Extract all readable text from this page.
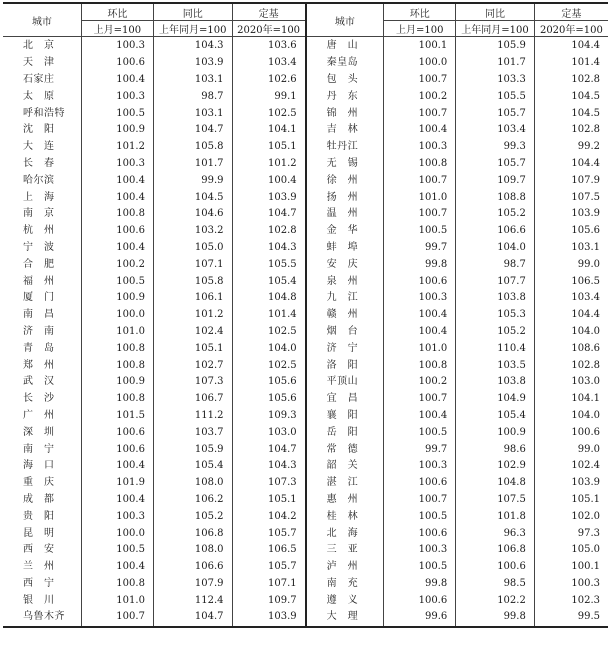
城市	环比	同比	定基	城市	环比	同比	定基
	上月=100	上年同月=100	2020年=100		上月=100	上年同月=100	2020年=100
北　京	100.3	104.3	103.6	唐　山	100.1	105.9	104.4
天　津	100.6	103.9	103.4	秦皇岛	100.0	101.7	101.4
石家庄	100.4	103.1	102.6	包　头	100.7	103.3	102.8
太　原	100.3	98.7	99.1	丹　东	100.2	105.5	104.5
呼和浩特	100.5	103.1	102.5	锦　州	100.7	105.7	104.5
沈　阳	100.9	104.7	104.1	吉　林	100.4	103.4	102.8
大　连	101.2	105.8	105.1	牡丹江	100.3	99.3	99.2
长　春	100.3	101.7	101.2	无　锡	100.8	105.7	104.4
哈尔滨	100.4	99.9	100.4	徐　州	100.7	109.7	107.9
上　海	100.4	104.5	103.9	扬　州	101.0	108.8	107.5
南　京	100.8	104.6	104.7	温　州	100.7	105.2	103.9
杭　州	100.6	103.2	102.8	金　华	100.5	106.6	105.6
宁　波	100.4	105.0	104.3	蚌　埠	99.7	104.0	103.1
合　肥	100.2	107.1	105.5	安　庆	99.8	98.7	99.0
福　州	100.5	105.8	105.4	泉　州	100.6	107.7	106.5
厦　门	100.9	106.1	104.8	九　江	100.3	103.8	103.4
南　昌	100.0	101.2	101.4	赣　州	100.4	105.3	104.4
济　南	101.0	102.4	102.5	烟　台	100.4	105.2	104.0
青　岛	100.8	105.1	104.0	济　宁	101.0	110.4	108.6
郑　州	100.8	102.7	102.5	洛　阳	100.8	103.5	102.8
武　汉	100.9	107.3	105.6	平顶山	100.2	103.8	103.0
长　沙	100.8	106.7	105.6	宜　昌	100.7	104.9	104.1
广　州	101.5	111.2	109.3	襄　阳	100.4	105.4	104.0
深　圳	100.6	103.7	103.0	岳　阳	100.5	100.9	100.6
南　宁	100.6	105.9	104.7	常　德	99.7	98.6	99.0
海　口	100.4	105.4	104.3	韶　关	100.3	102.9	102.4
重　庆	101.9	108.0	107.3	湛　江	100.6	104.8	103.9
成　都	100.4	106.2	105.1	惠　州	100.7	107.5	105.1
贵　阳	100.3	105.2	104.2	桂　林	100.5	101.8	102.0
昆　明	100.0	106.8	105.7	北　海	100.6	96.3	97.3
西　安	100.5	108.0	106.5	三　亚	100.3	106.8	105.0
兰　州	100.4	106.6	105.7	泸　州	100.5	100.6	100.1
西　宁	100.8	107.9	107.1	南　充	99.8	98.5	100.3
银　川	101.0	112.4	109.7	遵　义	100.6	102.2	102.3
乌鲁木齐	100.7	104.7	103.9	大　理	99.6	99.8	99.5
